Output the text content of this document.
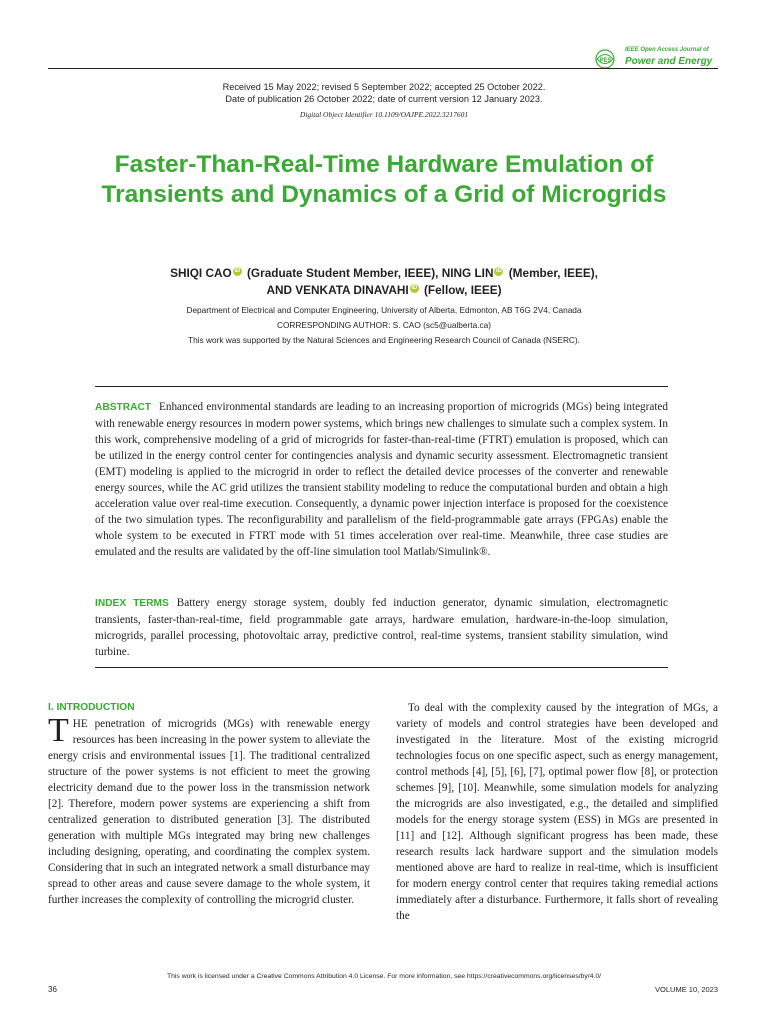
PES
IEEE Open Access Journal of
Power and Energy
Received 15 May 2022; revised 5 September 2022; accepted 25 October 2022.
Date of publication 26 October 2022; date of current version 12 January 2023.
Digital Object Identifier 10.1109/OAJPE.2022.3217601
Faster-Than-Real-Time Hardware Emulation of Transients and Dynamics of a Grid of Microgrids
SHIQI CAO iD (Graduate Student Member, IEEE), NING LIN iD (Member, IEEE),
AND VENKATA DINAVAHI iD (Fellow, IEEE)
Department of Electrical and Computer Engineering, University of Alberta, Edmonton, AB T6G 2V4, Canada
CORRESPONDING AUTHOR: S. CAO (sc5@ualberta.ca)
This work was supported by the Natural Sciences and Engineering Research Council of Canada (NSERC).
ABSTRACT Enhanced environmental standards are leading to an increasing proportion of microgrids (MGs) being integrated with renewable energy resources in modern power systems, which brings new challenges to simulate such a complex system. In this work, comprehensive modeling of a grid of microgrids for faster-than-real-time (FTRT) emulation is proposed, which can be utilized in the energy control center for contingencies analysis and dynamic security assessment. Electromagnetic transient (EMT) modeling is applied to the microgrid in order to reflect the detailed device processes of the converter and renewable energy sources, while the AC grid utilizes the transient stability modeling to reduce the computational burden and obtain a high acceleration value over real-time execution. Consequently, a dynamic power injection interface is proposed for the coexistence of the two simulation types. The reconfigurability and parallelism of the field-programmable gate arrays (FPGAs) enable the whole system to be executed in FTRT mode with 51 times acceleration over real-time. Meanwhile, three case studies are emulated and the results are validated by the off-line simulation tool Matlab/Simulink®.
INDEX TERMS Battery energy storage system, doubly fed induction generator, dynamic simulation, electromagnetic transients, faster-than-real-time, field programmable gate arrays, hardware emulation, hardware-in-the-loop simulation, microgrids, parallel processing, photovoltaic array, predictive control, real-time systems, transient stability simulation, wind turbine.
I. INTRODUCTION
THE penetration of microgrids (MGs) with renewable energy resources has been increasing in the power system to alleviate the energy crisis and environmental issues [1]. The traditional centralized structure of the power systems is not efficient to meet the growing electricity demand due to the power loss in the transmission network [2]. Therefore, modern power systems are experiencing a shift from centralized generation to distributed generation [3]. The distributed generation with multiple MGs integrated may bring new challenges including designing, operating, and coordinating the complex system. Considering that in such an integrated network a small disturbance may spread to other areas and cause severe damage to the whole system, it further increases the complexity of controlling the microgrid cluster.
To deal with the complexity caused by the integration of MGs, a variety of models and control strategies have been developed and investigated in the literature. Most of the existing microgrid technologies focus on one specific aspect, such as energy management, control methods [4], [5], [6], [7], optimal power flow [8], or protection schemes [9], [10]. Meanwhile, some simulation models for analyzing the microgrids are also investigated, e.g., the detailed and simplified models for the energy storage system (ESS) in MGs are presented in [11] and [12]. Although significant progress has been made, these research results lack hardware support and the simulation models mentioned above are hard to realize in real-time, which is insufficient for modern energy control center that requires taking remedial actions immediately after a disturbance. Furthermore, it falls short of revealing the
This work is licensed under a Creative Commons Attribution 4.0 License. For more information, see https://creativecommons.org/licenses/by/4.0/
36	VOLUME 10, 2023
